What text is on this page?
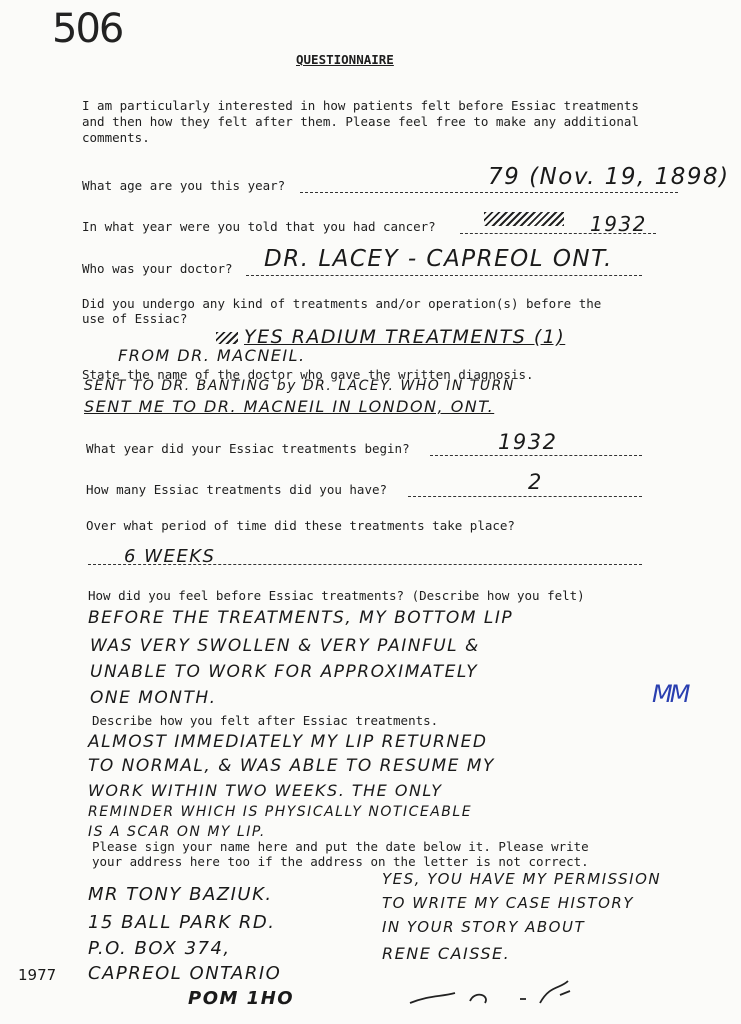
506
QUESTIONNAIRE
I am particularly interested in how patients felt before Essiac treatments and then how they felt after them. Please feel free to make any additional comments.
What age are you this year?	79 (Nov. 19, 1898)
In what year were you told that you had cancer?	1932
Who was your doctor? DR. LACEY - CAPREOL ONT.
Did you undergo any kind of treatments and/or operation(s) before the
use of Essiac?
YES RADIUM TREATMENTS (1)
FROM DR. MACNEIL.
State the name of the doctor who gave the written diagnosis.
SENT TO DR. BANTING by DR. LACEY. WHO IN TURN
SENT ME TO DR. MACNEIL IN LONDON, ONT.
What year did your Essiac treatments begin?	1932
How many Essiac treatments did you have?	2
Over what period of time did these treatments take place?
6 WEEKS
How did you feel before Essiac treatments? (Describe how you felt)
BEFORE THE TREATMENTS, MY BOTTOM LIP
WAS VERY SWOLLEN & VERY PAINFUL &
UNABLE TO WORK FOR APPROXIMATELY
ONE MONTH.	MM
Describe how you felt after Essiac treatments.
ALMOST IMMEDIATELY MY LIP RETURNED
TO NORMAL, & WAS ABLE TO RESUME MY
WORK WITHIN TWO WEEKS. THE ONLY
REMINDER WHICH IS PHYSICALLY NOTICEABLE
IS A SCAR ON MY LIP.
Please sign your name here and put the date below it. Please write
your address here too if the address on the letter is not correct.
MR TONY BAZIUK.
15 BALL PARK RD.
P.O. BOX 374,
CAPREOL ONTARIO
POM 1HO
1977
YES, YOU HAVE MY PERMISSION
TO WRITE MY CASE HISTORY
IN YOUR STORY ABOUT
RENE CAISSE.
